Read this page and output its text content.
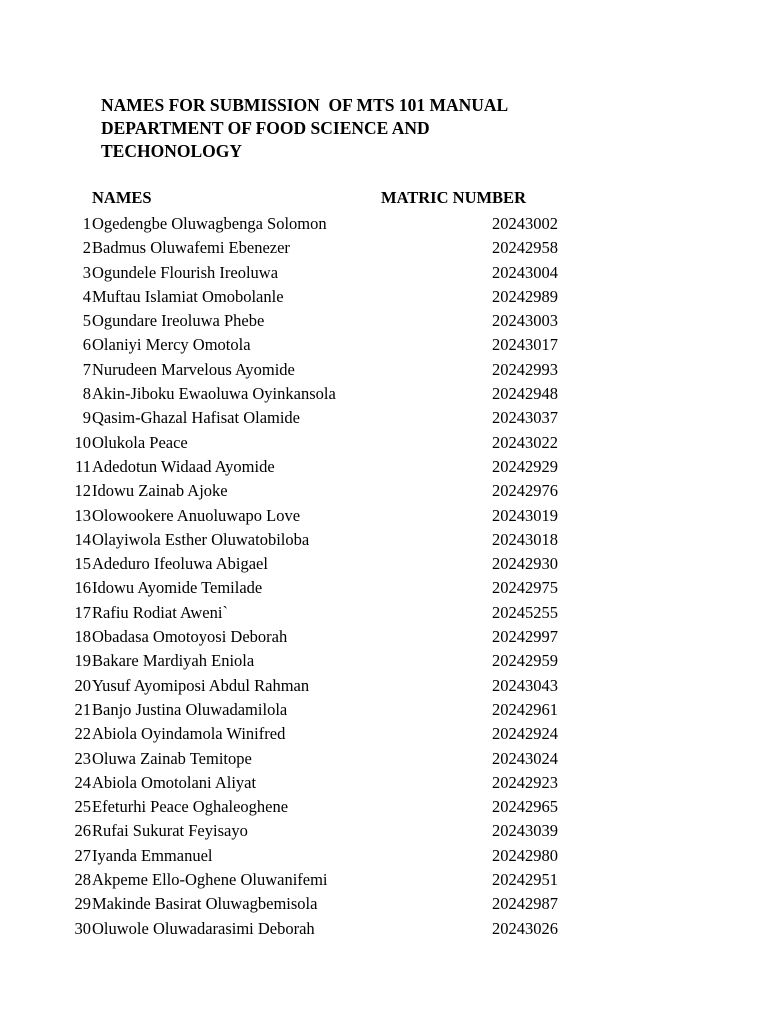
NAMES FOR SUBMISSION  OF MTS 101 MANUAL
DEPARTMENT OF FOOD SCIENCE AND
TECHONOLOGY
NAMES	MATRIC NUMBER
1 Ogedengbe Oluwagbenga Solomon	20243002
2 Badmus Oluwafemi Ebenezer	20242958
3 Ogundele Flourish Ireoluwa	20243004
4 Muftau Islamiat Omobolanle	20242989
5 Ogundare Ireoluwa Phebe	20243003
6 Olaniyi Mercy Omotola	20243017
7 Nurudeen Marvelous Ayomide	20242993
8 Akin-Jiboku Ewaoluwa Oyinkansola	20242948
9 Qasim-Ghazal Hafisat Olamide	20243037
10 Olukola Peace	20243022
11 Adedotun Widaad Ayomide	20242929
12 Idowu Zainab Ajoke	20242976
13 Olowookere Anuoluwapo Love	20243019
14 Olayiwola Esther Oluwatobiloba	20243018
15 Adeduro Ifeoluwa Abigael	20242930
16 Idowu Ayomide Temilade	20242975
17 Rafiu Rodiat Aweni`	20245255
18 Obadasa Omotoyosi Deborah	20242997
19 Bakare Mardiyah Eniola	20242959
20 Yusuf Ayomiposi Abdul Rahman	20243043
21 Banjo Justina Oluwadamilola	20242961
22 Abiola Oyindamola Winifred	20242924
23 Oluwa Zainab Temitope	20243024
24 Abiola Omotolani Aliyat	20242923
25 Efeturhi Peace Oghaleoghene	20242965
26 Rufai Sukurat Feyisayo	20243039
27 Iyanda Emmanuel	20242980
28 Akpeme Ello-Oghene Oluwanifemi	20242951
29 Makinde Basirat Oluwagbemisola	20242987
30 Oluwole Oluwadarasimi Deborah	20243026
